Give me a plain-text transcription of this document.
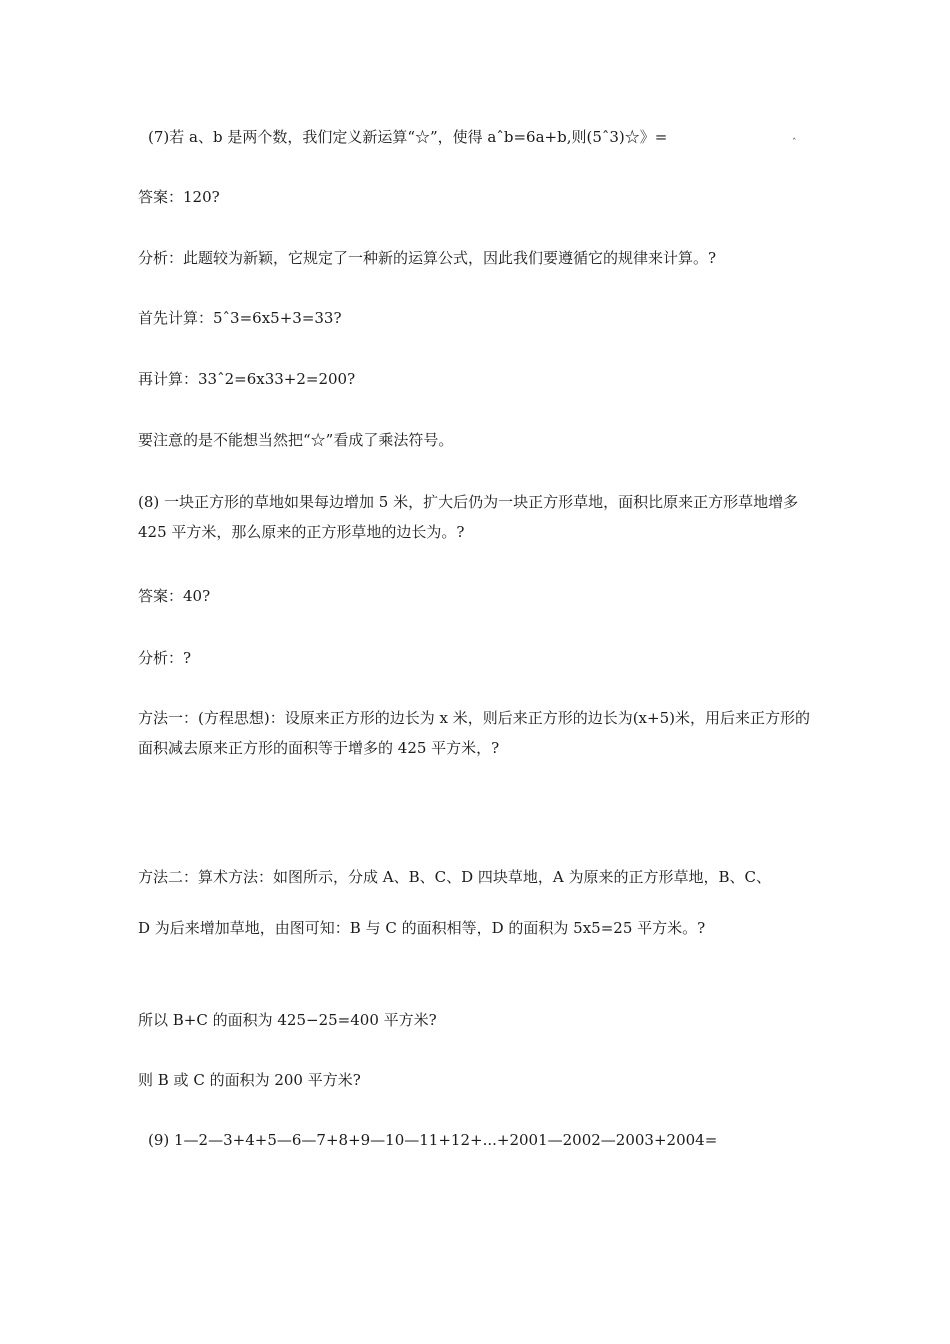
(7)若 a、b 是两个数，我们定义新运算“☆”，使得 aˆb=6a+b,则(5ˆ3)☆》=	ˆ
答案：120?
分析：此题较为新颖，它规定了一种新的运算公式，因此我们要遵循它的规律来计算。?
首先计算：5ˆ3=6x5+3=33?
再计算：33ˆ2=6x33+2=200?
要注意的是不能想当然把“☆”看成了乘法符号。
(8) 一块正方形的草地如果每边增加 5 米，扩大后仍为一块正方形草地，面积比原来正方形草地增多 425 平方米，那么原来的正方形草地的边长为。?
答案：40?
分析：?
方法一：(方程思想)：设原来正方形的边长为 x 米，则后来正方形的边长为(x+5)米，用后来正方形的面积减去原来正方形的面积等于增多的 425 平方米，?
方法二：算术方法：如图所示，分成 A、B、C、D 四块草地，A 为原来的正方形草地，B、C、
D 为后来增加草地，由图可知：B 与 C 的面积相等，D 的面积为 5x5=25 平方米。?
所以 B+C 的面积为 425−25=400 平方米?
则 B 或 C 的面积为 200 平方米?
(9) 1—2—3+4+5—6—7+8+9—10—11+12+...+2001—2002—2003+2004=
